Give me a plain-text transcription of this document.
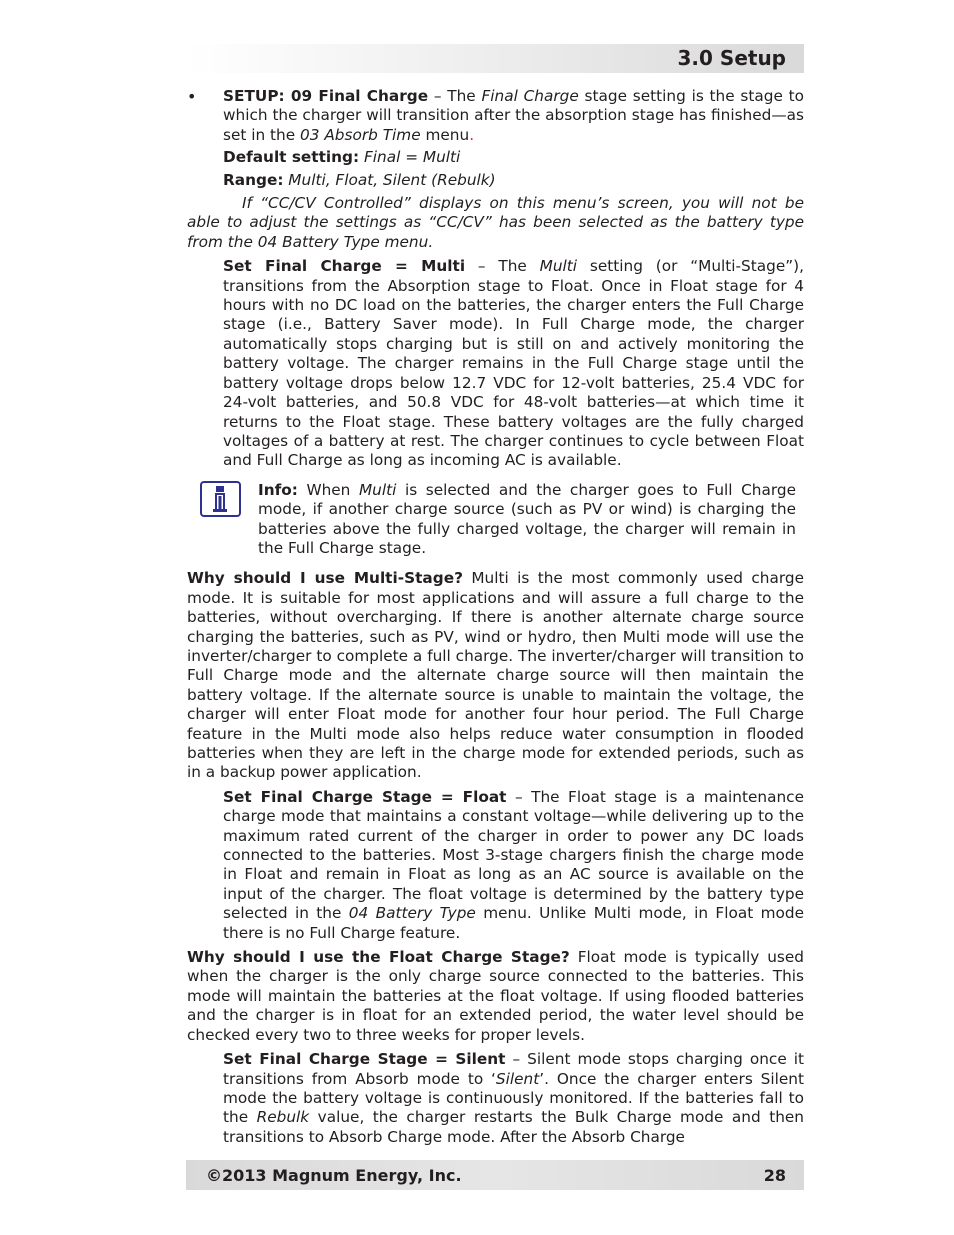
3.0 Setup
• SETUP: 09 Final Charge – The Final Charge stage setting is the stage to which the charger will transition after the absorption stage has finished—as set in the 03 Absorb Time menu.

Default setting: Final = Multi

Range: Multi, Float, Silent (Rebulk)

If “CC/CV Controlled” displays on this menu’s screen, you will not be able to adjust the settings as “CC/CV” has been selected as the battery type from the 04 Battery Type menu.

Set Final Charge = Multi – The Multi setting (or “Multi-Stage”), transitions from the Absorption stage to Float. Once in Float stage for 4 hours with no DC load on the batteries, the charger enters the Full Charge stage (i.e., Battery Saver mode). In Full Charge mode, the charger automatically stops charging but is still on and actively monitoring the battery voltage. The charger remains in the Full Charge stage until the battery voltage drops below 12.7 VDC for 12-volt batteries, 25.4 VDC for 24-volt batteries, and 50.8 VDC for 48-volt batteries—at which time it returns to the Float stage. These battery voltages are the fully charged voltages of a battery at rest. The charger continues to cycle between Float and Full Charge as long as incoming AC is available.

Info: When Multi is selected and the charger goes to Full Charge mode, if another charge source (such as PV or wind) is charging the batteries above the fully charged voltage, the charger will remain in the Full Charge stage.

Why should I use Multi-Stage? Multi is the most commonly used charge mode. It is suitable for most applications and will assure a full charge to the batteries, without overcharging. If there is another alternate charge source charging the batteries, such as PV, wind or hydro, then Multi mode will use the inverter/charger to complete a full charge. The inverter/charger will transition to Full Charge mode and the alternate charge source will then maintain the battery voltage. If the alternate source is unable to maintain the voltage, the charger will enter Float mode for another four hour period. The Full Charge feature in the Multi mode also helps reduce water consumption in flooded batteries when they are left in the charge mode for extended periods, such as in a backup power application.

Set Final Charge Stage = Float – The Float stage is a maintenance charge mode that maintains a constant voltage—while delivering up to the maximum rated current of the charger in order to power any DC loads connected to the batteries. Most 3-stage chargers finish the charge mode in Float and remain in Float as long as an AC source is available on the input of the charger. The float voltage is determined by the battery type selected in the 04 Battery Type menu. Unlike Multi mode, in Float mode there is no Full Charge feature.

Why should I use the Float Charge Stage? Float mode is typically used when the charger is the only charge source connected to the batteries. This mode will maintain the batteries at the float voltage. If using flooded batteries and the charger is in float for an extended period, the water level should be checked every two to three weeks for proper levels.

Set Final Charge Stage = Silent – Silent mode stops charging once it transitions from Absorb mode to ‘Silent’. Once the charger enters Silent mode the battery voltage is continuously monitored. If the batteries fall to the Rebulk value, the charger restarts the Bulk Charge mode and then transitions to Absorb Charge mode. After the Absorb Charge

©2013 Magnum Energy, Inc.	28
